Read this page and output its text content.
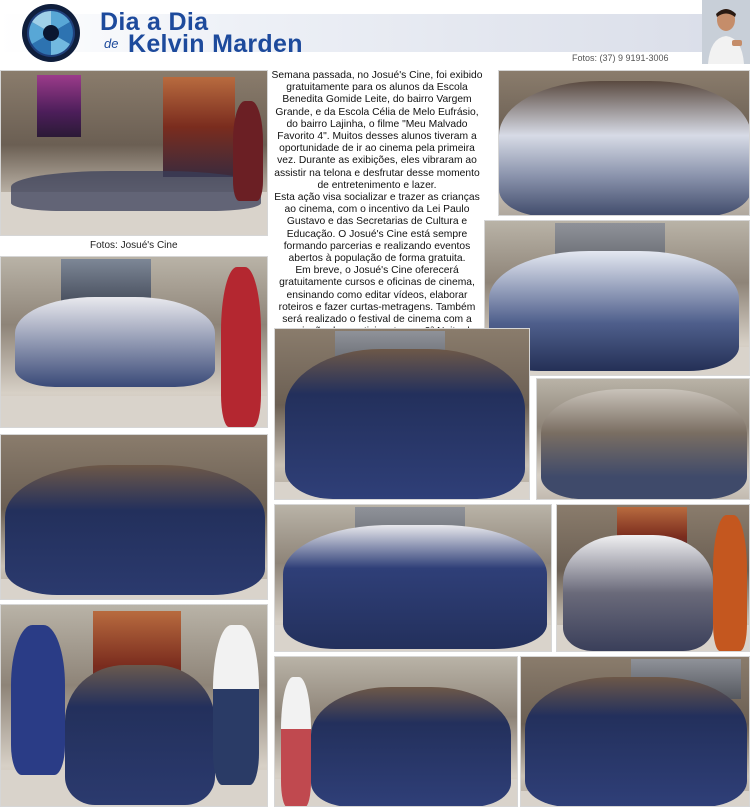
Dia a Dia
de Kelvin Marden	Fotos: (37) 9 9191-3006
Fotos: Josué's Cine

Semana passada, no Josué's Cine, foi exibido gratuitamente para os alunos da Escola Benedita Gomide Leite, do bairro Vargem Grande, e da Escola Célia de Melo Eufrásio, do bairro Lajinha, o filme "Meu Malvado Favorito 4". Muitos desses alunos tiveram a oportunidade de ir ao cinema pela primeira vez. Durante as exibições, eles vibraram ao assistir na telona e desfrutar desse momento de entretenimento e lazer.

Esta ação visa socializar e trazer as crianças ao cinema, com o incentivo da Lei Paulo Gustavo e das Secretarias de Cultura e Educação. O Josué's Cine está sempre formando parcerias e realizando eventos abertos à população de forma gratuita.

Em breve, o Josué's Cine oferecerá gratuitamente cursos e oficinas de cinema, ensinando como editar vídeos, elaborar roteiros e fazer curtas-metragens. Também será realizado o festival de cinema com a
